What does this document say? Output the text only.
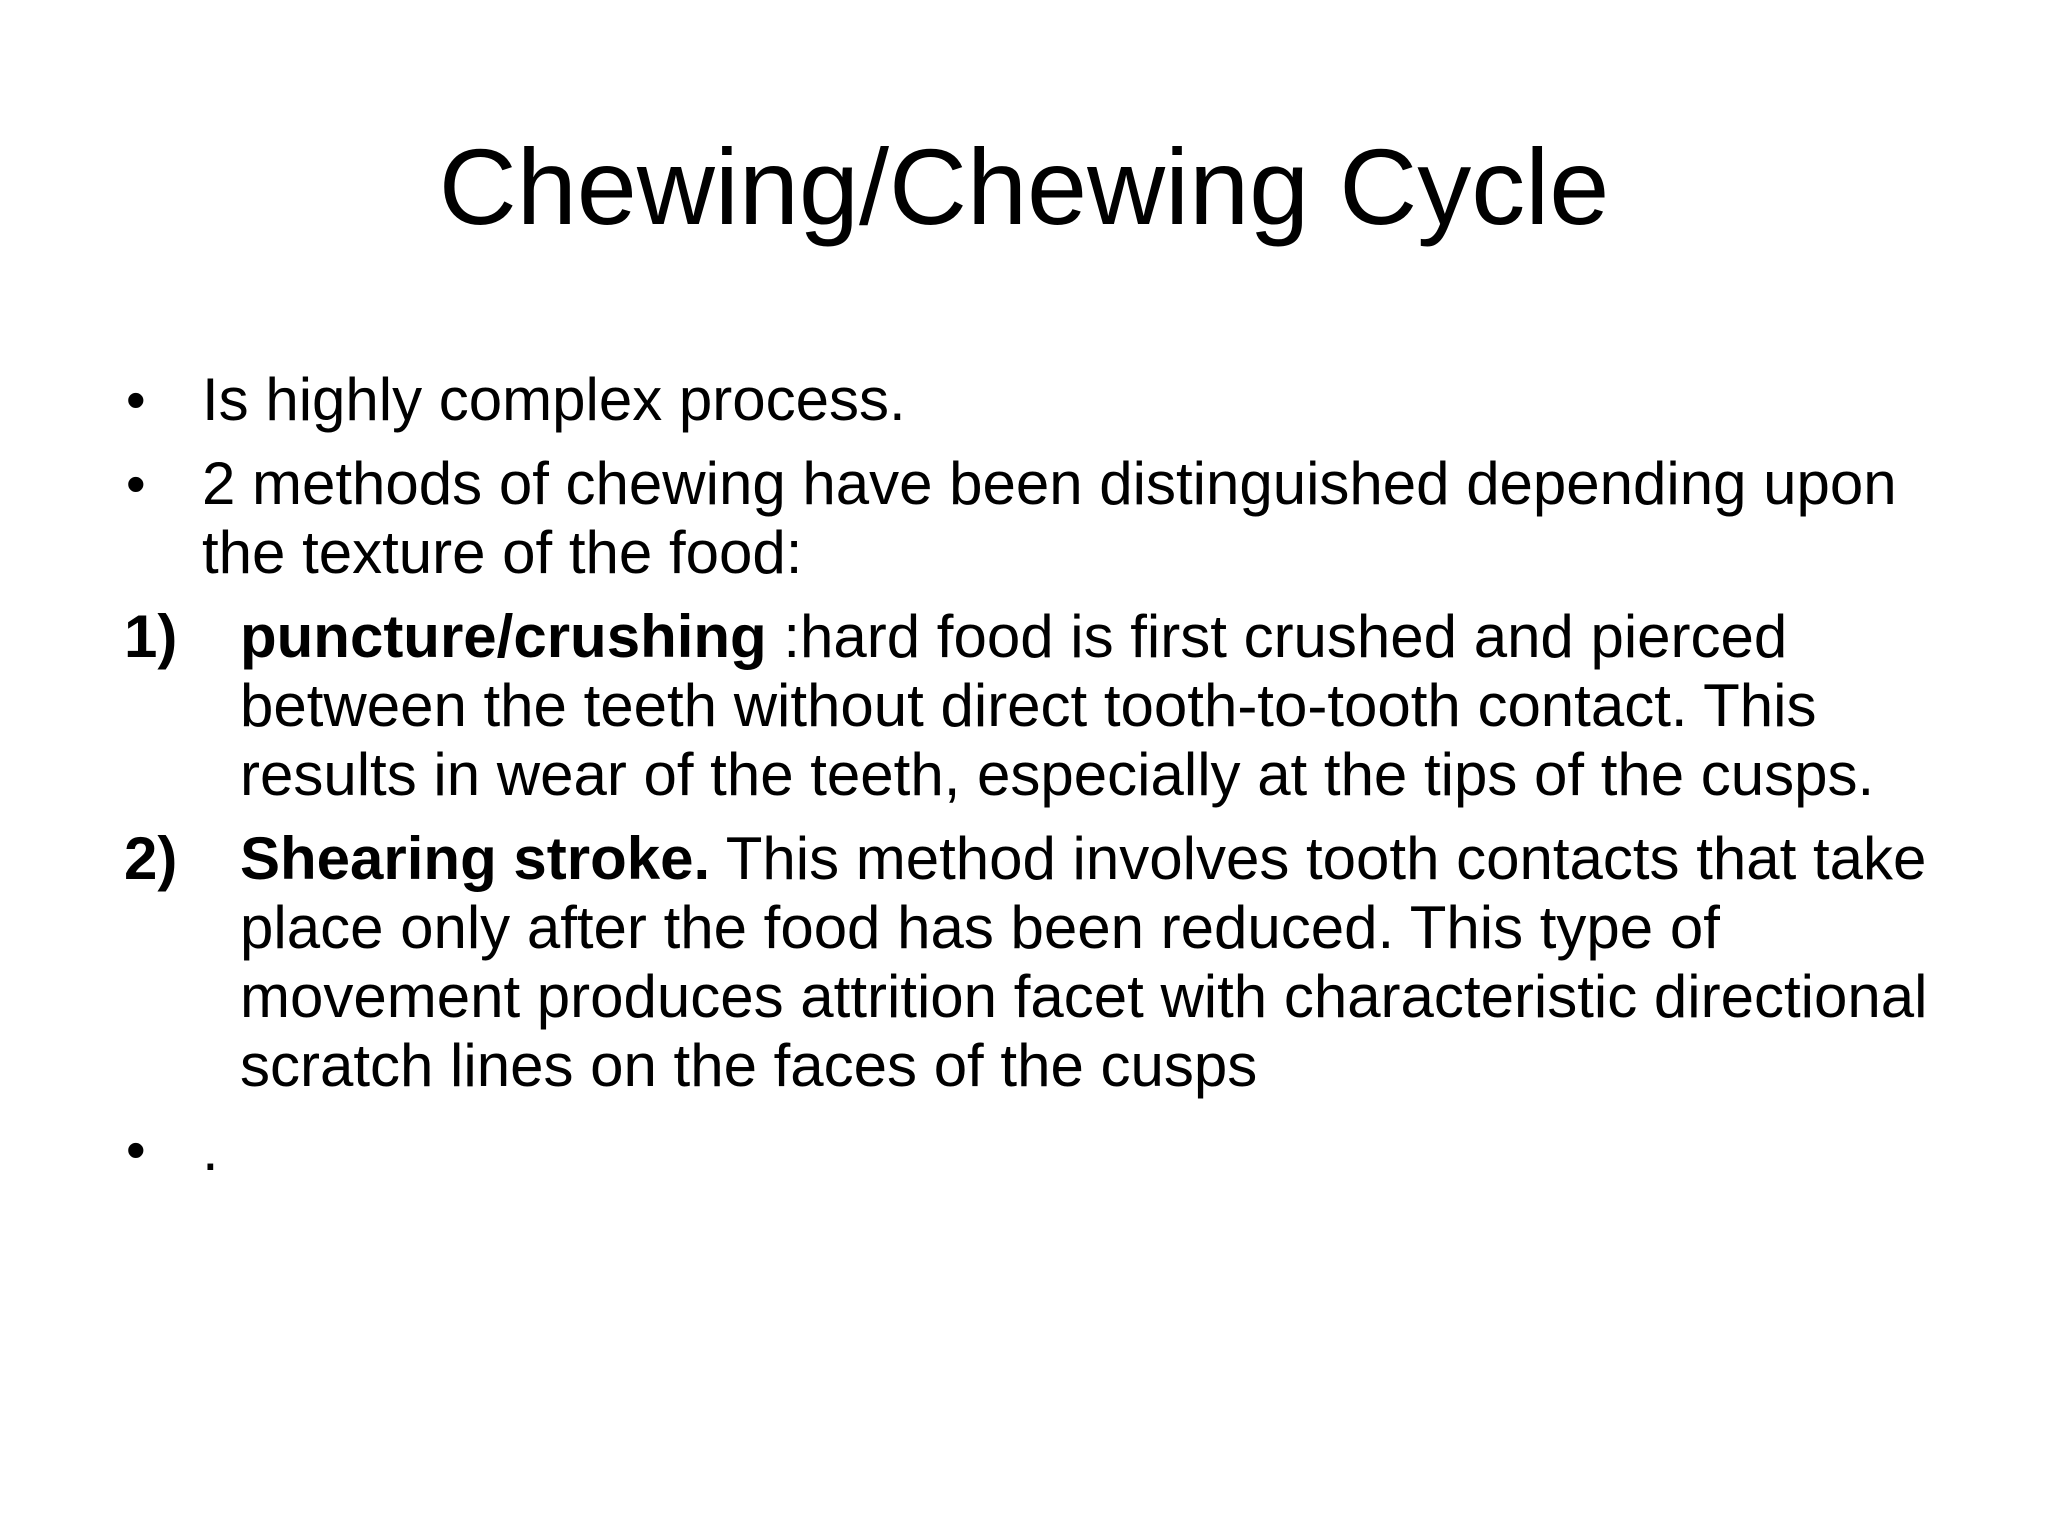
Chewing/Chewing Cycle
• Is highly complex process.
• 2 methods of chewing have been distinguished depending upon the texture of the food:
1) puncture/crushing :hard food is first crushed and pierced between the teeth without direct tooth-to-tooth contact. This results in wear of the teeth, especially at the tips of the cusps.
2) Shearing stroke. This method involves tooth contacts that take place only after the food has been reduced. This type of movement produces attrition facet with characteristic directional scratch lines on the faces of the cusps
• .
